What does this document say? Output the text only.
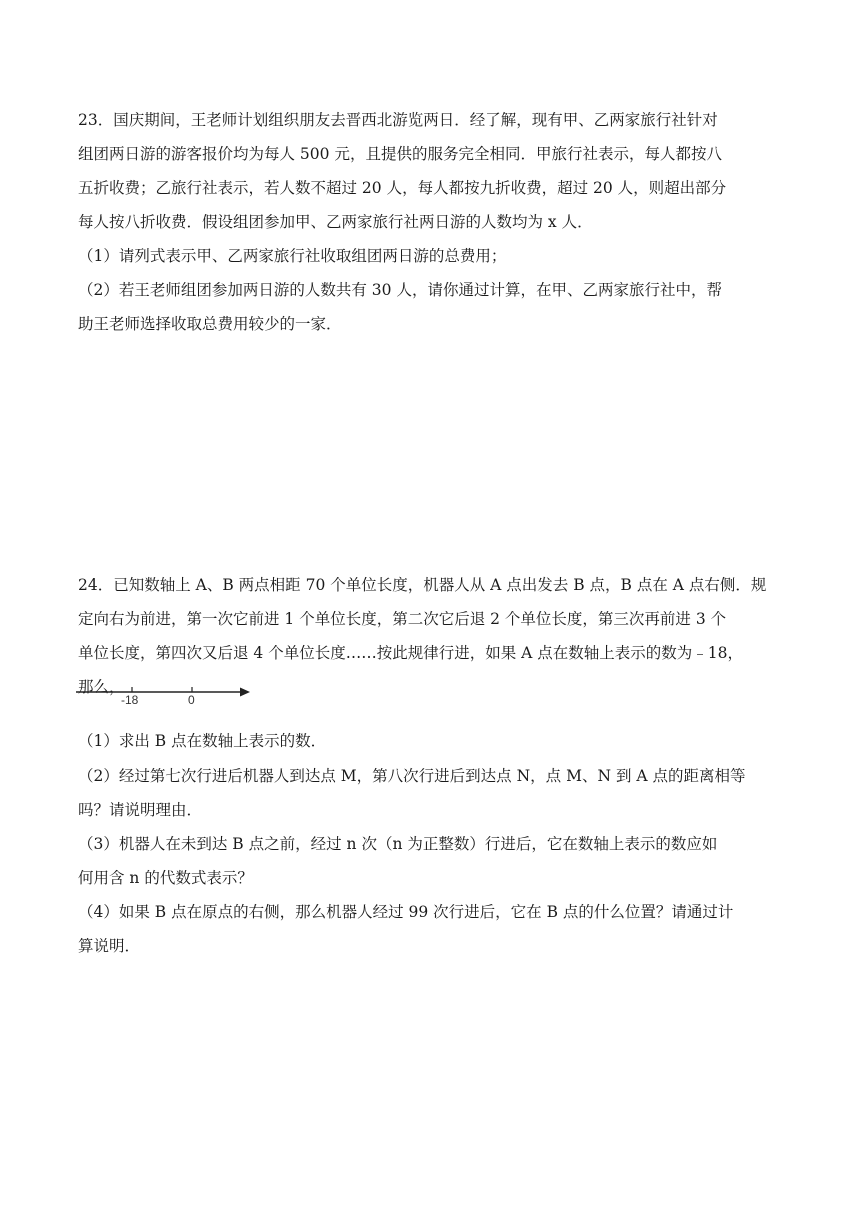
23．国庆期间，王老师计划组织朋友去晋西北游览两日．经了解，现有甲、乙两家旅行社针对
组团两日游的游客报价均为每人 500 元，且提供的服务完全相同．甲旅行社表示，每人都按八
五折收费；乙旅行社表示，若人数不超过 20 人，每人都按九折收费，超过 20 人，则超出部分
每人按八折收费．假设组团参加甲、乙两家旅行社两日游的人数均为 x 人．
（1）请列式表示甲、乙两家旅行社收取组团两日游的总费用；
（2）若王老师组团参加两日游的人数共有 30 人，请你通过计算，在甲、乙两家旅行社中，帮
助王老师选择收取总费用较少的一家．
24．已知数轴上 A、B 两点相距 70 个单位长度，机器人从 A 点出发去 B 点，B 点在 A 点右侧．规
定向右为前进，第一次它前进 1 个单位长度，第二次它后退 2 个单位长度，第三次再前进 3 个
单位长度，第四次又后退 4 个单位长度……按此规律行进，如果 A 点在数轴上表示的数为﹣18，
那么，
-18	0
（1）求出 B 点在数轴上表示的数．
（2）经过第七次行进后机器人到达点 M，第八次行进后到达点 N，点 M、N 到 A 点的距离相等
吗？请说明理由．
（3）机器人在未到达 B 点之前，经过 n 次（n 为正整数）行进后，它在数轴上表示的数应如
何用含 n 的代数式表示？
（4）如果 B 点在原点的右侧，那么机器人经过 99 次行进后，它在 B 点的什么位置？请通过计
算说明．
